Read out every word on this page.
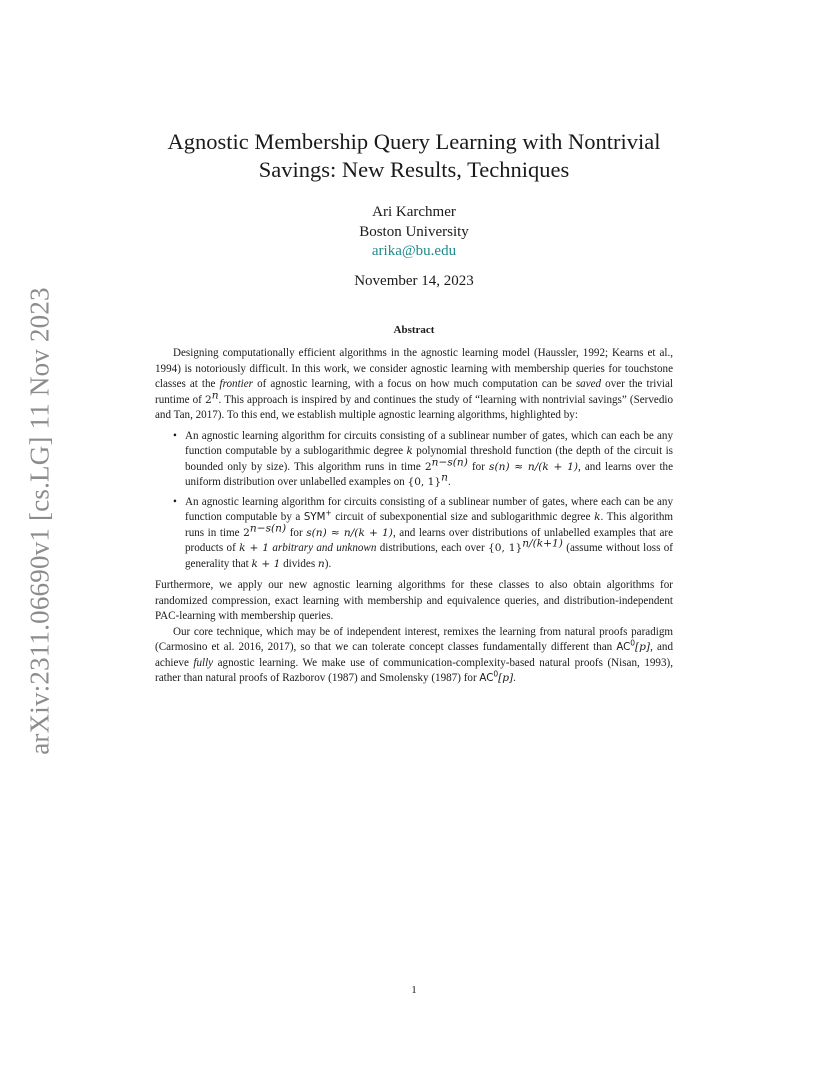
arXiv:2311.06690v1 [cs.LG] 11 Nov 2023
Agnostic Membership Query Learning with Nontrivial Savings: New Results, Techniques
Ari Karchmer
Boston University
arika@bu.edu
November 14, 2023
Abstract

Designing computationally efficient algorithms in the agnostic learning model (Haussler, 1992; Kearns et al., 1994) is notoriously difficult. In this work, we consider agnostic learning with membership queries for touchstone classes at the frontier of agnostic learning, with a focus on how much computation can be saved over the trivial runtime of 2$^n$. This approach is inspired by and continues the study of “learning with nontrivial savings” (Servedio and Tan, 2017). To this end, we establish multiple agnostic learning algorithms, highlighted by:

• An agnostic learning algorithm for circuits consisting of a sublinear number of gates, which can each be any function computable by a sublogarithmic degree k polynomial threshold function (the depth of the circuit is bounded only by size). This algorithm runs in time $2^{n-s(n)}$ for s(n) ≈ n/(k + 1), and learns over the uniform distribution over unlabelled examples on {0, 1}$^n$.
• An agnostic learning algorithm for circuits consisting of a sublinear number of gates, where each can be any function computable by a SYM+ circuit of subexponential size and sublogarithmic degree k. This algorithm runs in time $2^{n-s(n)}$ for s(n) ≈ n/(k + 1), and learns over distributions of unlabelled examples that are products of k + 1 arbitrary and unknown distributions, each over {0, 1}$^{n/(k+1)}$ (assume without loss of generality that k + 1 divides n).

Furthermore, we apply our new agnostic learning algorithms for these classes to also obtain algorithms for randomized compression, exact learning with membership and equivalence queries, and distribution-independent PAC-learning with membership queries.

Our core technique, which may be of independent interest, remixes the learning from natural proofs paradigm (Carmosino et al. 2016, 2017), so that we can tolerate concept classes fundamentally different than $AC^0[p]$, and achieve fully agnostic learning. We make use of communication-complexity-based natural proofs (Nisan, 1993), rather than natural proofs of Razborov (1987) and Smolensky (1987) for $AC^0[p]$.

1
